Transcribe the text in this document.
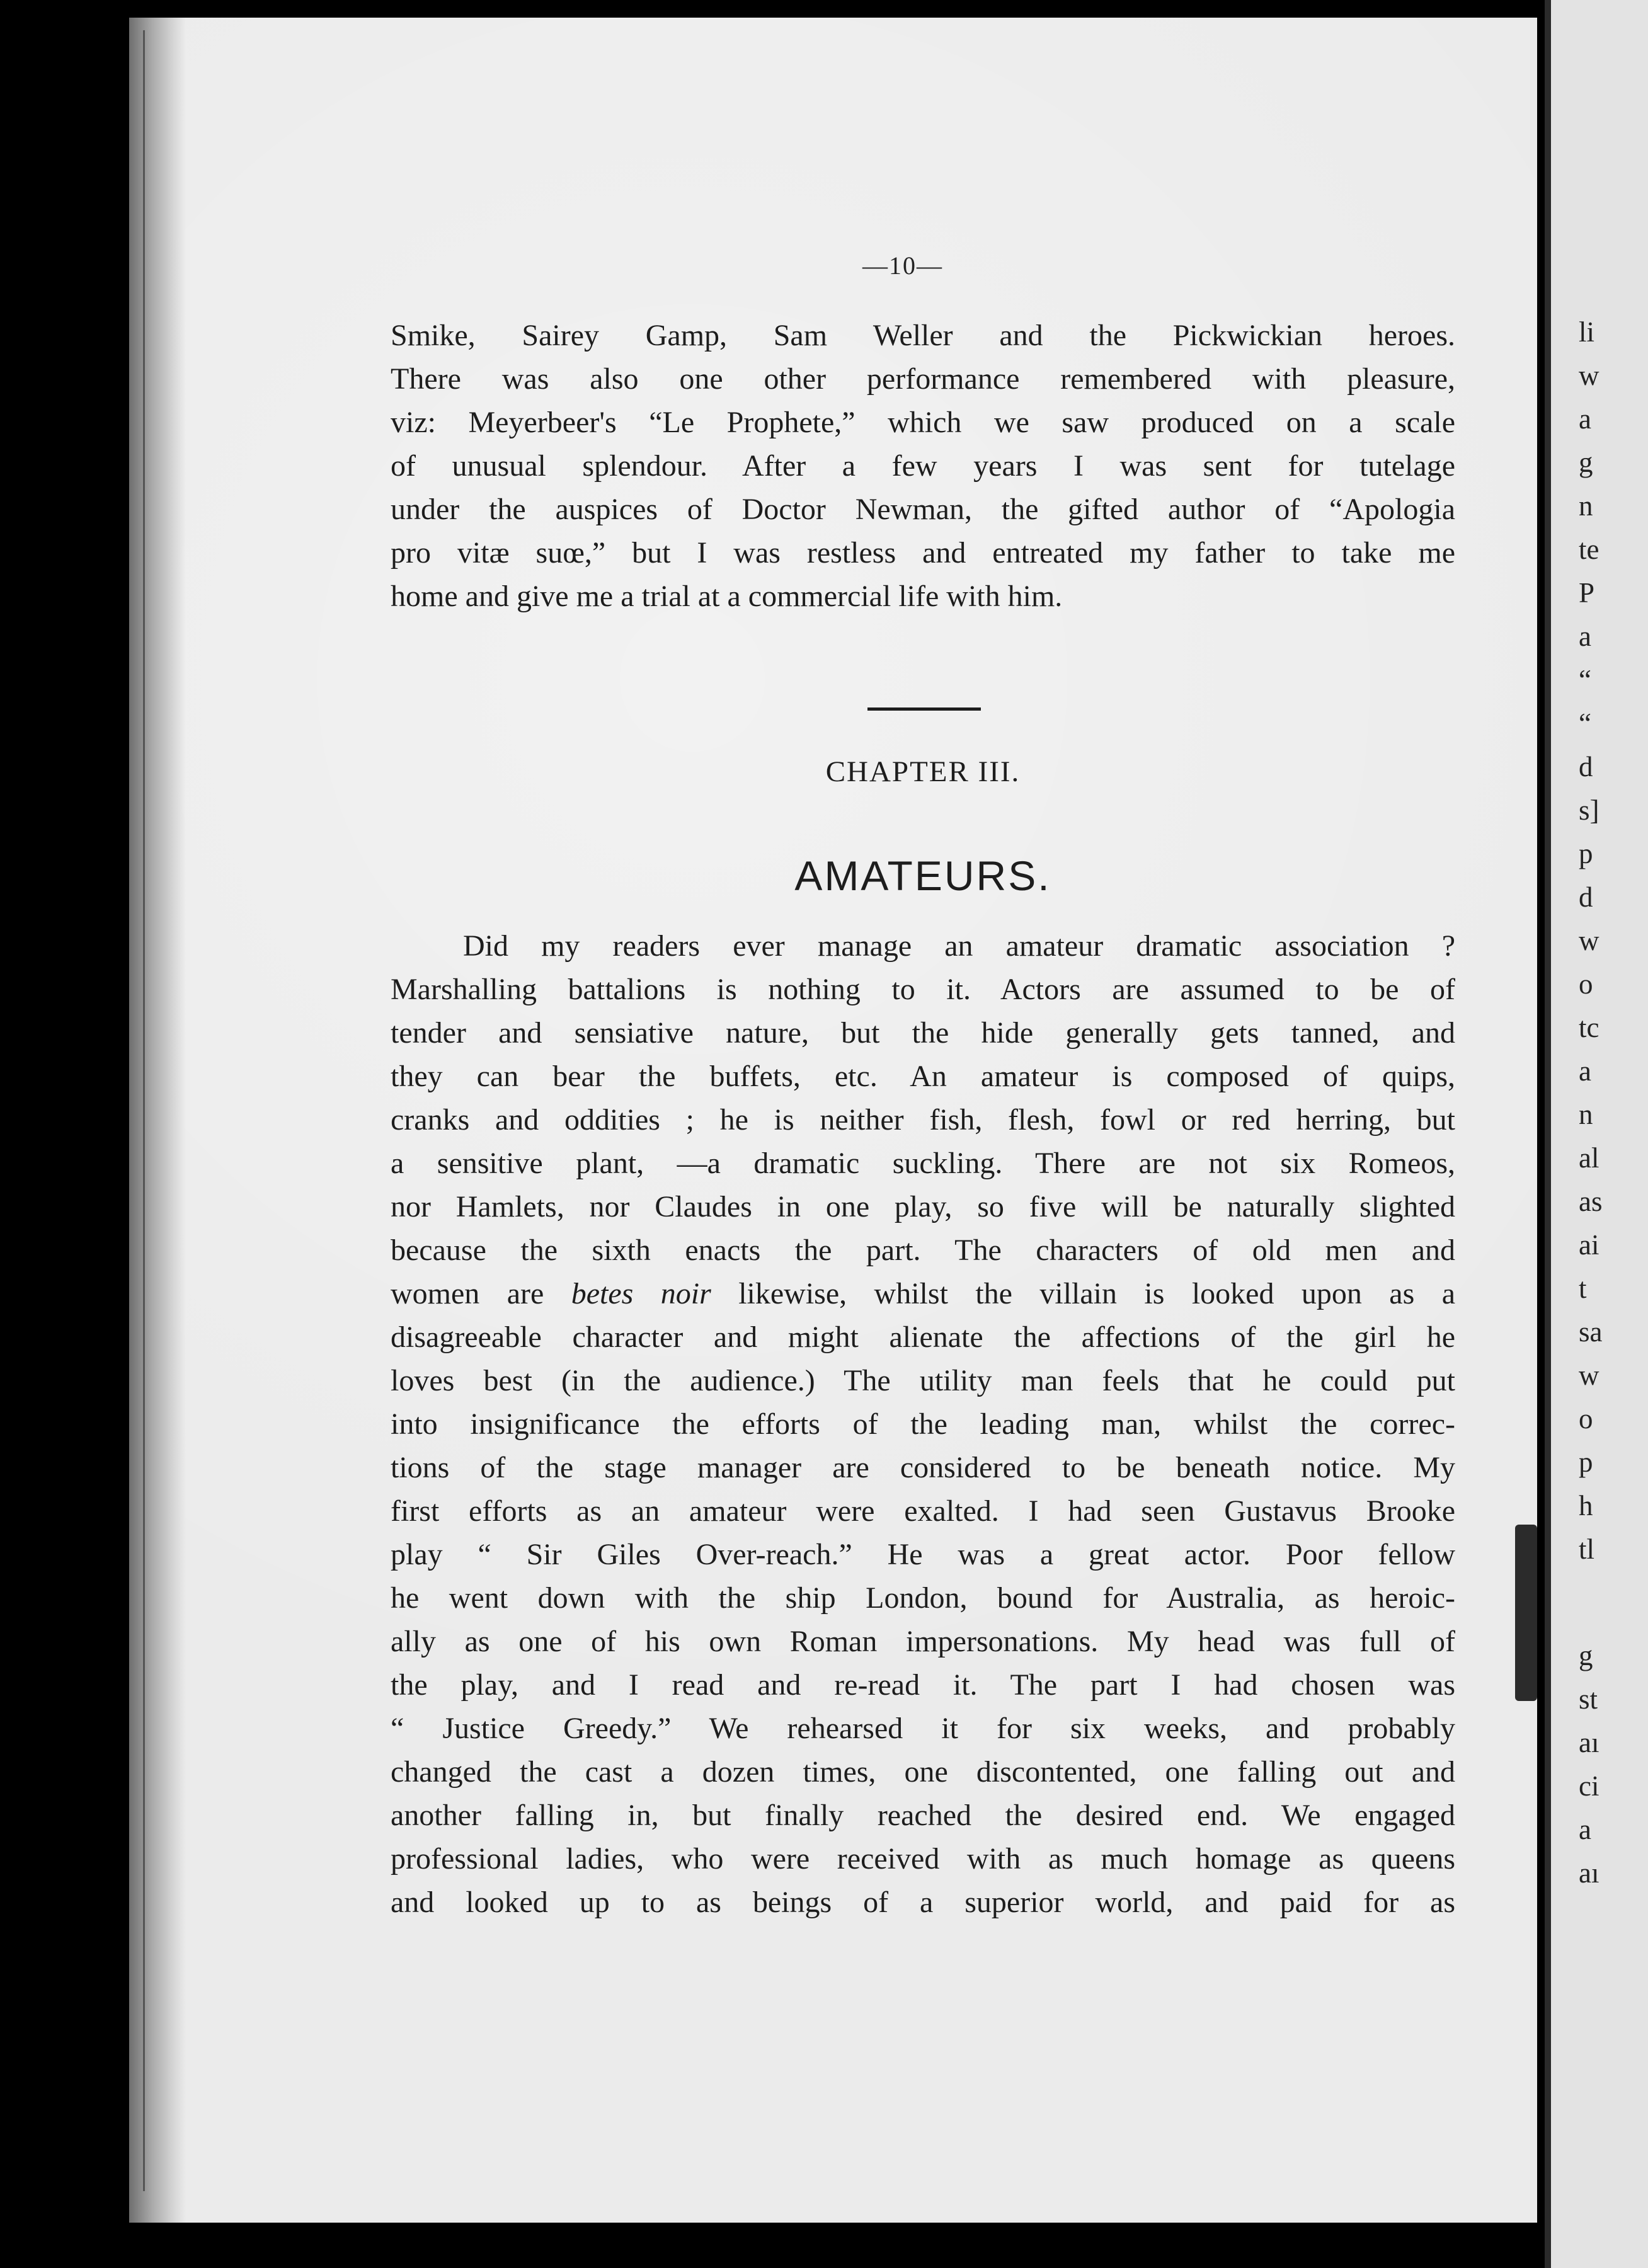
li
w
a
g
n
te
P
a
“
“
d
s]
p
d
w
o
tc
a
n
al
as
ai
t
sa
w
o
p
h
tl
g
st
aı
ci
a
aı
—10—
Smike, Sairey Gamp, Sam Weller and the Pickwickian heroes.
There was also one other performance remembered with pleasure,
viz: Meyerbeer's “Le Prophete,” which we saw produced on a scale
of unusual splendour. After a few years I was sent for tutelage
under the auspices of Doctor Newman, the gifted author of “Apologia
pro vitæ suœ,” but I was restless and entreated my father to take me
home and give me a trial at a commercial life with him.
CHAPTER III.
AMATEURS.
Did my readers ever manage an amateur dramatic association ?
Marshalling battalions is nothing to it. Actors are assumed to be of
tender and sensiative nature, but the hide generally gets tanned, and
they can bear the buffets, etc. An amateur is composed of quips,
cranks and oddities ; he is neither fish, flesh, fowl or red herring, but
a sensitive plant, —a dramatic suckling. There are not six Romeos,
nor Hamlets, nor Claudes in one play, so five will be naturally slighted
because the sixth enacts the part. The characters of old men and
women are betes noir likewise, whilst the villain is looked upon as a
disagreeable character and might alienate the affections of the girl he
loves best (in the audience.) The utility man feels that he could put
into insignificance the efforts of the leading man, whilst the correc-
tions of the stage manager are considered to be beneath notice. My
first efforts as an amateur were exalted. I had seen Gustavus Brooke
play “ Sir Giles Over-reach.” He was a great actor. Poor fellow
he went down with the ship London, bound for Australia, as heroic-
ally as one of his own Roman impersonations. My head was full of
the play, and I read and re-read it. The part I had chosen was
“ Justice Greedy.” We rehearsed it for six weeks, and probably
changed the cast a dozen times, one discontented, one falling out and
another falling in, but finally reached the desired end. We engaged
professional ladies, who were received with as much homage as queens
and looked up to as beings of a superior world, and paid for as
